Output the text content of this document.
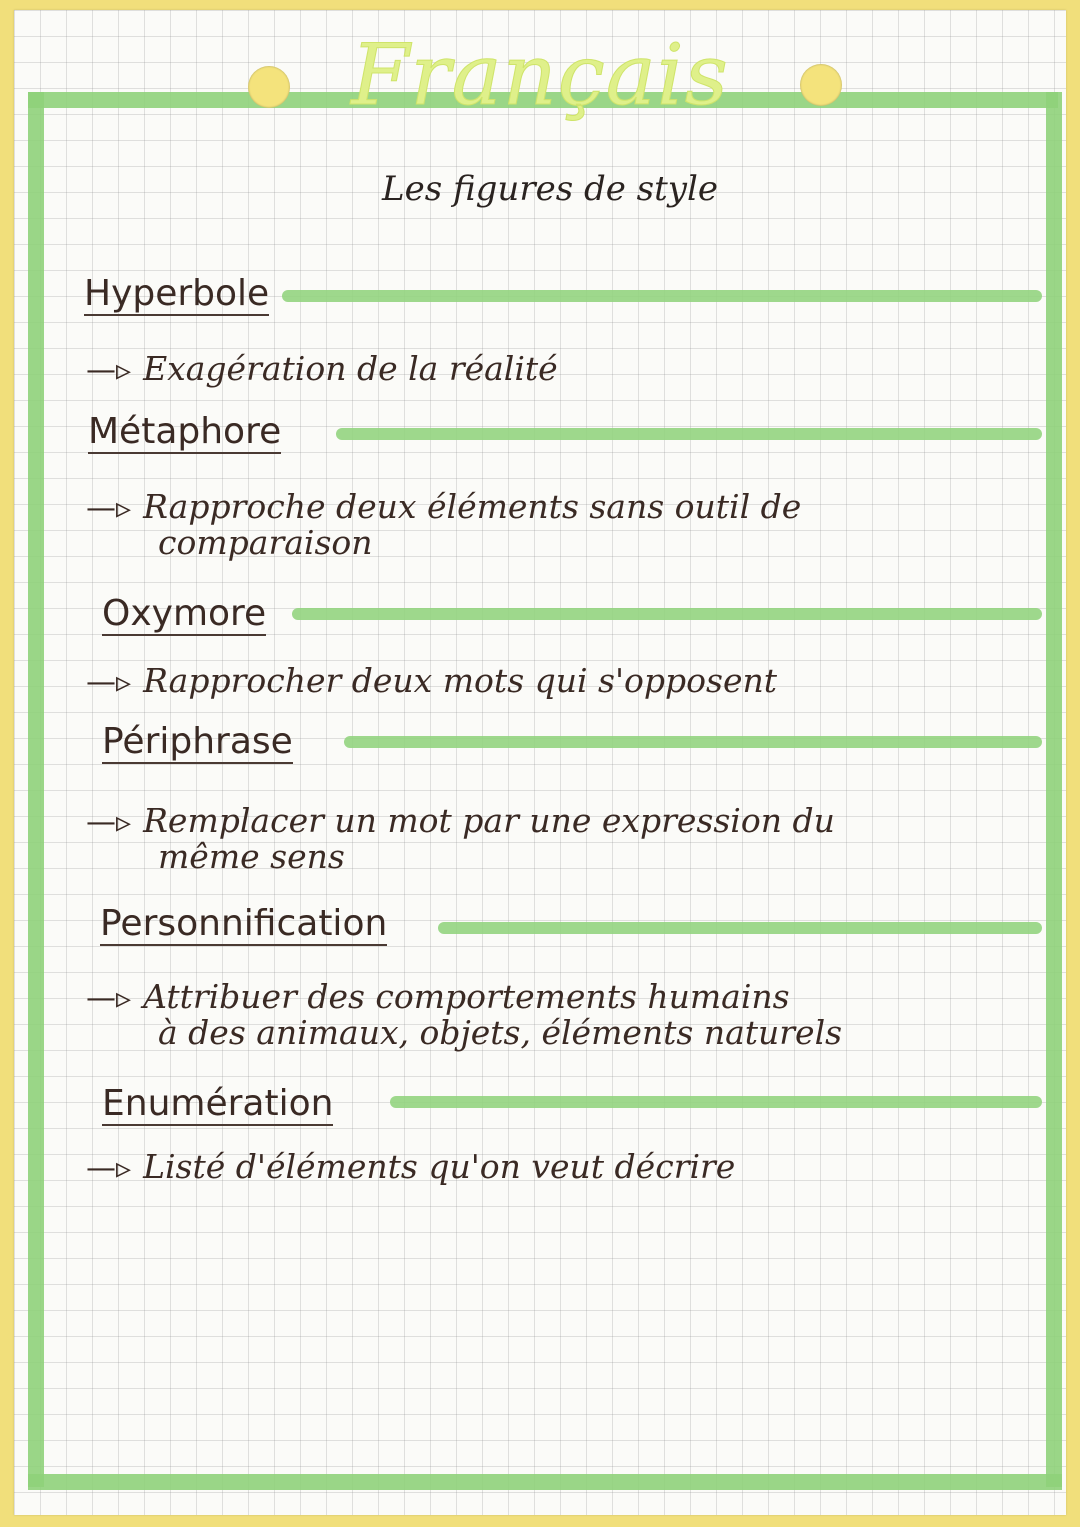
Français
Les figures de style
Hyperbole
—▹ Exagération de la réalité
Métaphore
—▹ Rapproche deux éléments sans outil de
comparaison
Oxymore
—▹ Rapprocher deux mots qui s'opposent
Périphrase
—▹ Remplacer un mot par une expression du
même sens
Personnification
—▹ Attribuer des comportements humains
à des animaux, objets, éléments naturels
Enumération
—▹ Listé d'éléments qu'on veut décrire
